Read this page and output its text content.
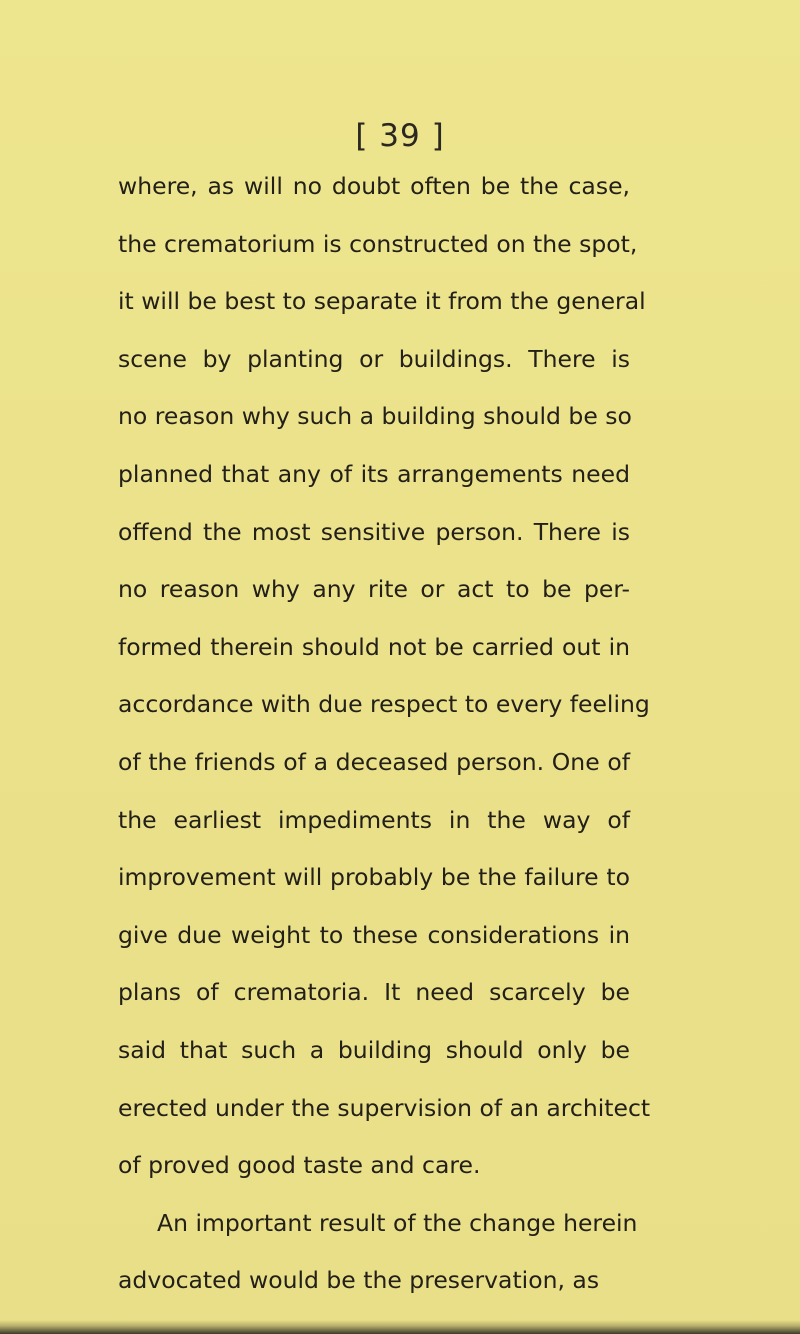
[ 39 ]
where, as will no doubt often be the case,
the crematorium is constructed on the spot,
it will be best to separate it from the general
scene by planting or buildings. There is
no reason why such a building should be so
planned that any of its arrangements need
offend the most sensitive person. There is
no reason why any rite or act to be per-
formed therein should not be carried out in
accordance with due respect to every feeling
of the friends of a deceased person. One of
the earliest impediments in the way of
improvement will probably be the failure to
give due weight to these considerations in
plans of crematoria. It need scarcely be
said that such a building should only be
erected under the supervision of an architect
of proved good taste and care.
An important result of the change herein
advocated would be the preservation, as
